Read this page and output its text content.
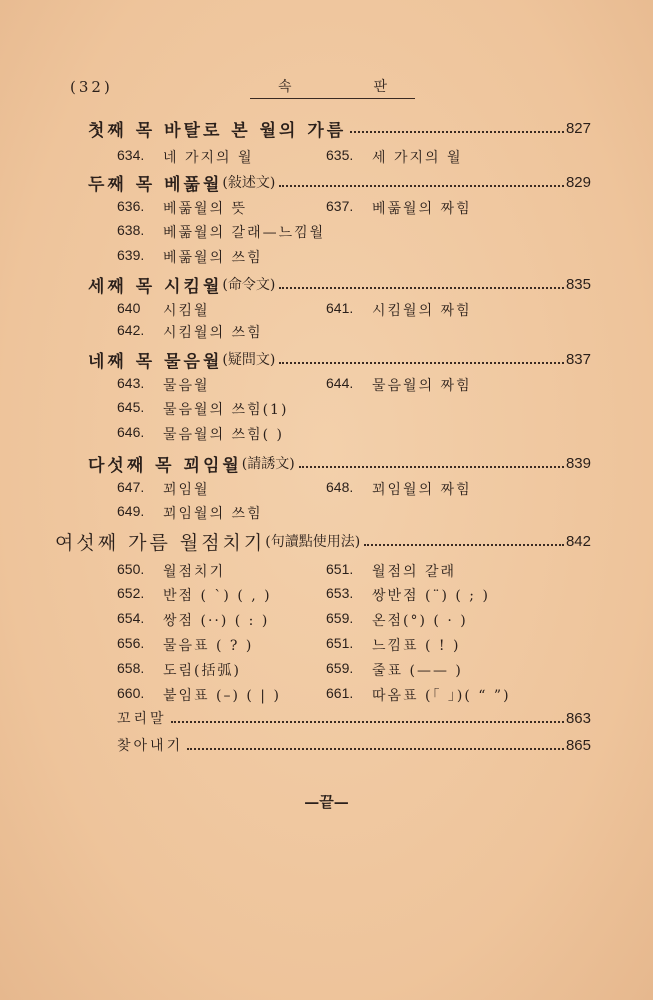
(32)	속	판
첫째 목 바탈로 본 월의 가름	827
634.	네 가지의 월	635.	세 가지의 월
두째 목 베풂월 (敍述文)	829
636.	베풂월의 뜻	637.	베풂월의 짜힘
638.	베풂월의 갈래—느낌월
639.	베풂월의 쓰힘
세째 목 시킴월 (命令文)	835
640	시킴월	641.	시킴월의 짜힘
642.	시킴월의 쓰힘
네째 목 물음월 (疑問文)	837
643.	물음월	644.	물음월의 짜힘
645.	물음월의 쓰힘(1)
646.	물음월의 쓰힘( )
다섯째 목 꾀임월 (請誘文)	839
647.	꾀임월	648.	꾀임월의 짜힘
649.	꾀임월의 쓰힘
여섯째 가름 월점치기 (句讀點使用法)	842
650.	월점치기	651.	월점의 갈래
652.	반점 ( ˋ) ( , )	653.	쌍반점 (¨) ( ; )
654.	쌍점 (··) ( : )	659.	온점(°) ( · )
656.	물음표 ( ? )	651.	느낌표 ( ! )
658.	도림(括弧)	659.	줄표 (—— )
660.	붙임표 (–) ( | )	661.	따옴표 (「 」)( “ ”)
꼬리말	863
찾아내기	865
—끝—
